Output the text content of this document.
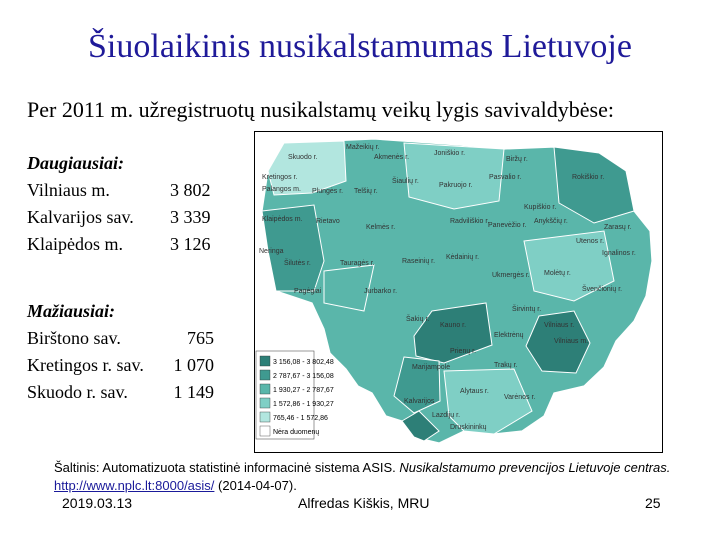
Šiuolaikinis nusikalstamumas Lietuvoje
Per 2011 m. užregistruotų nusikalstamų veikų lygis savivaldybėse:
Daugiausiai:
Vilniaus m.	3 802
Kalvarijos sav.	3 339
Klaipėdos m.	3 126
Mažiausiai:
Birštono sav.	765
Kretingos r. sav.	1 070
Skuodo r. sav.	1 149
Skuodo r.
Mažeikių r.
Akmenės r.
Joniškio r.
Biržų r.
Kretingos r.
Palangos m. Plungės r. Telšių r.
Šiaulių r.
Pakruojo r.
Pasvalio r.	Rokiškio r.
Kupiškio r.
Zarasų r.
Klaipėdos m. Rietavo	Radviliškio r.
Panevėžio r.
Anykščių r.
Utenos r.
Kelmės r.
Neringa
Šilutės r.	Tauragės r.	Raseinių r.
Kėdainių r.
Ignalinos r.
Pagėgiai	Jurbarko r.
Ukmergės r. Molėtų r.
Švenčionių r.
Šakių r.
Širvintų r.
Vilniaus r.
Kauno r.
Elektrėnų
Vilniaus m.
Marijampolė
Prienų r.
Trakų r.
Kalvarijos
Alytaus r.
Varėnos r.
Lazdijų r.
Druskininkų
3 156,08 - 3 802,48
2 787,67 - 3 156,08
1 930,27 - 2 787,67
1 572,86 - 1 930,27
765,46 - 1 572,86
Nėra duomenų
Šaltinis: Automatizuota statistinė informacinė sistema ASIS. Nusikalstamumo prevencijos Lietuvoje centras.
http://www.nplc.lt:8000/asis/ (2014-04-07).
2019.03.13	Alfredas Kiškis, MRU	25
